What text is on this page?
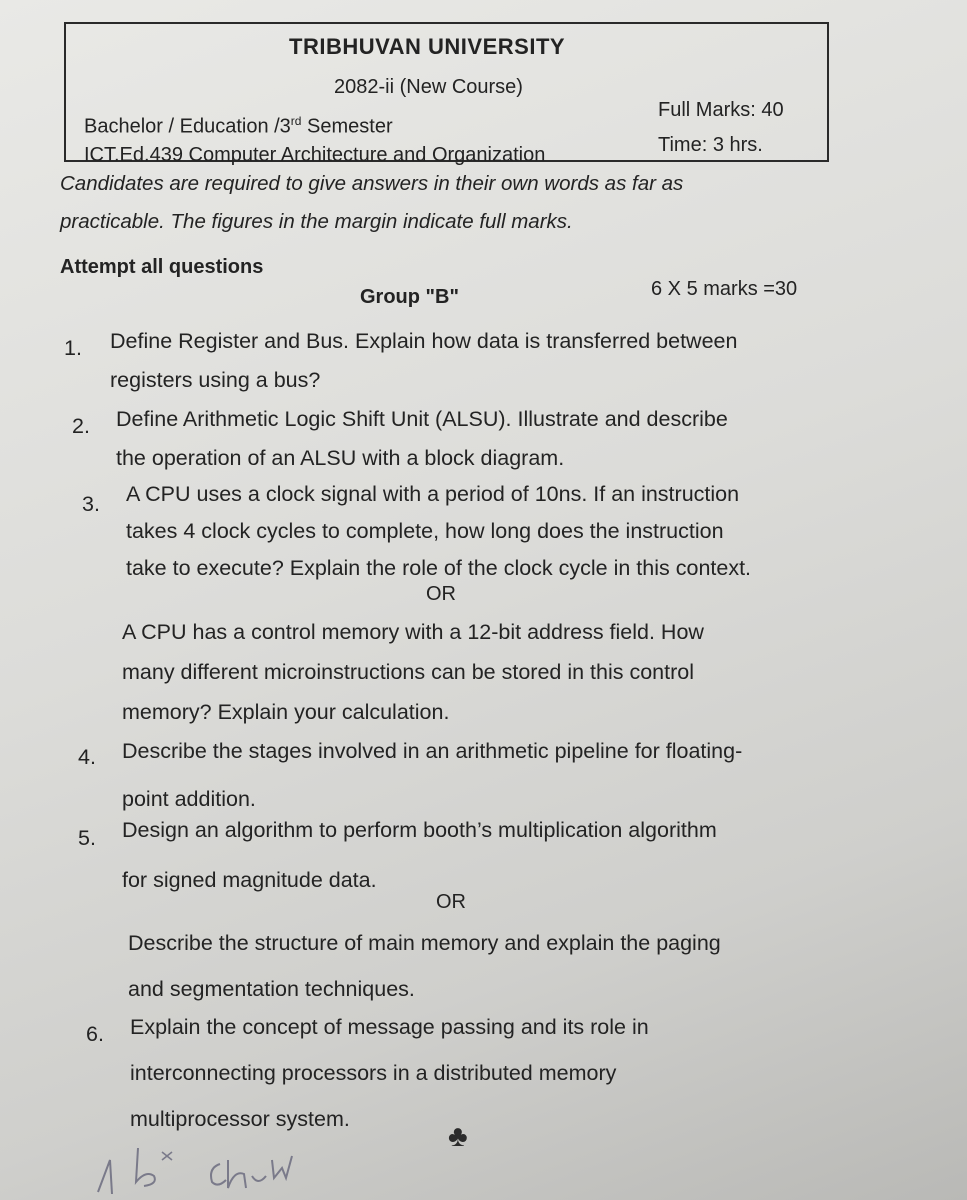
TRIBHUVAN UNIVERSITY
2082-ii (New Course)
Bachelor / Education /3rd Semester
Full Marks: 40
ICT.Ed.439 Computer Architecture and Organization	Time: 3 hrs.
Candidates are required to give answers in their own words as far as
practicable. The figures in the margin indicate full marks.
Attempt all questions
Group "B"	6 X 5 marks =30
1. Define Register and Bus. Explain how data is transferred between
registers using a bus?
2. Define Arithmetic Logic Shift Unit (ALSU). Illustrate and describe
the operation of an ALSU with a block diagram.
3. A CPU uses a clock signal with a period of 10ns. If an instruction
takes 4 clock cycles to complete, how long does the instruction
take to execute? Explain the role of the clock cycle in this context.
OR
A CPU has a control memory with a 12-bit address field. How
many different microinstructions can be stored in this control
memory? Explain your calculation.
4. Describe the stages involved in an arithmetic pipeline for floating-
point addition.
5. Design an algorithm to perform booth’s multiplication algorithm
for signed magnitude data.
OR
Describe the structure of main memory and explain the paging
and segmentation techniques.
6. Explain the concept of message passing and its role in
interconnecting processors in a distributed memory
multiprocessor system.
♣
